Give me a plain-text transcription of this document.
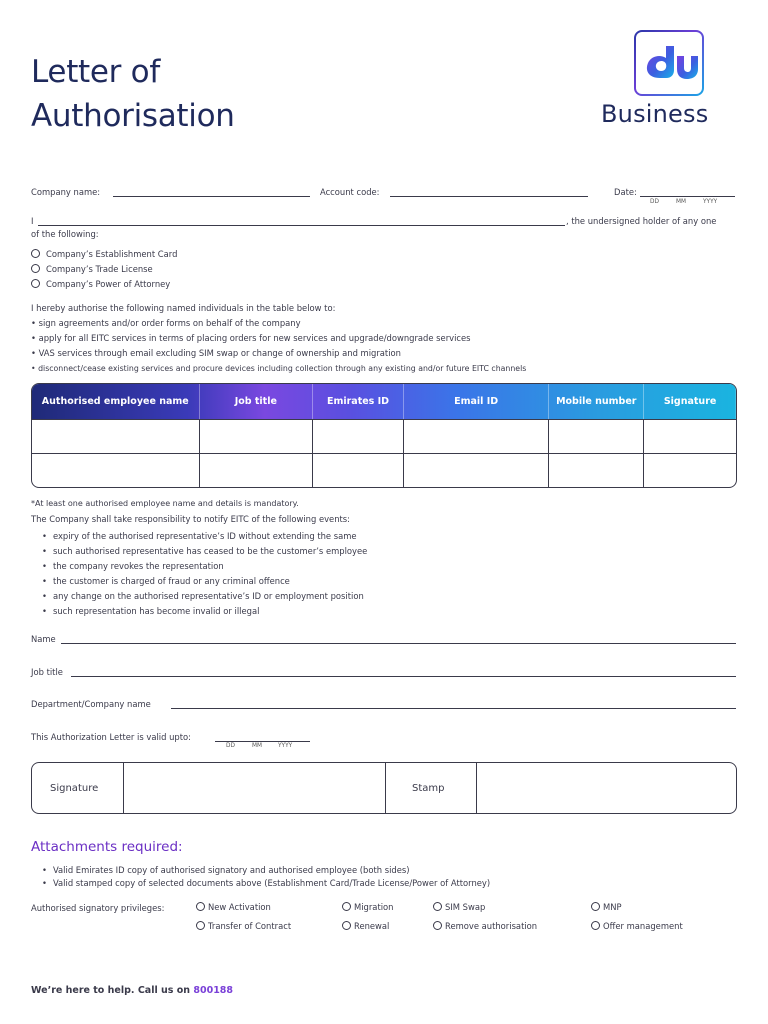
Letter of
Authorisation	Business
Company name:	Account code:	Date:
DD	MM	YYYY
I	, the undersigned holder of any one
of the following:
Company’s Establishment Card
Company’s Trade License
Company’s Power of Attorney
I hereby authorise the following named individuals in the table below to:
• sign agreements and/or order forms on behalf of the company
• apply for all EITC services in terms of placing orders for new services and upgrade/downgrade services
• VAS services through email excluding SIM swap or change of ownership and migration
• disconnect/cease existing services and procure devices including collection through any existing and/or future EITC channels
Authorised employee name	Job title	Emirates ID	Email ID	Mobile number	Signature

*At least one authorised employee name and details is mandatory.
The Company shall take responsibility to notify EITC of the following events:
• expiry of the authorised representative’s ID without extending the same
• such authorised representative has ceased to be the customer’s employee
• the company revokes the representation
• the customer is charged of fraud or any criminal offence
• any change on the authorised representative’s ID or employment position
• such representation has become invalid or illegal
Name
Job title
Department/Company name
This Authorization Letter is valid upto:
DD	MM	YYYY
Signature	Stamp
Attachments required:
• Valid Emirates ID copy of authorised signatory and authorised employee (both sides)
• Valid stamped copy of selected documents above (Establishment Card/Trade License/Power of Attorney)
Authorised signatory privileges:	New Activation	Migration	SIM Swap	MNP
Transfer of Contract	Renewal	Remove authorisation	Offer management
We’re here to help. Call us on 800188
